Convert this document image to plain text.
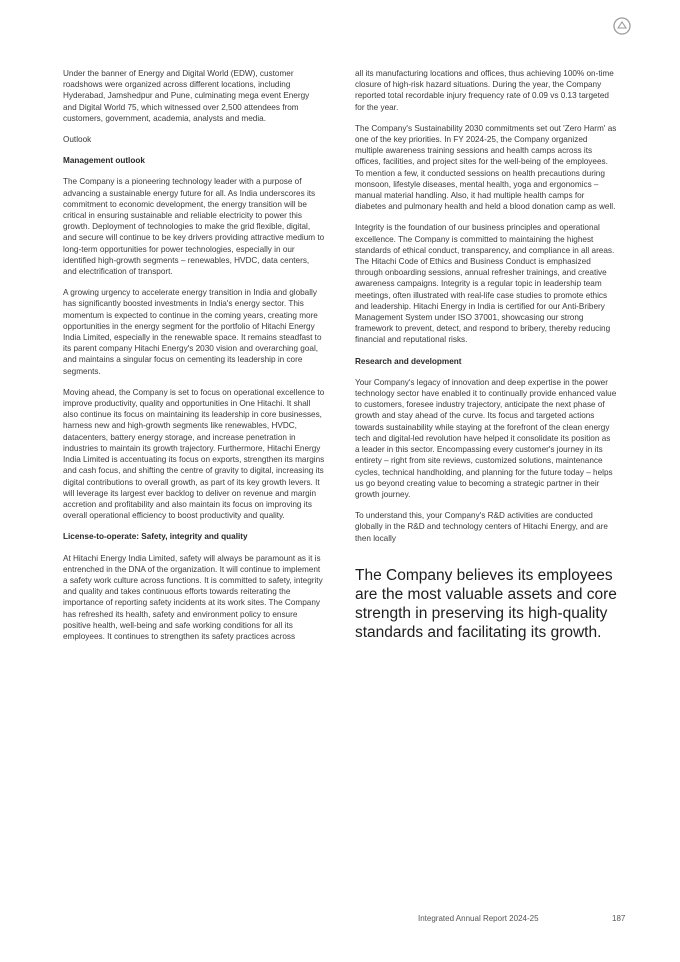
Under the banner of Energy and Digital World (EDW), customer roadshows were organized across different locations, including Hyderabad, Jamshedpur and Pune, culminating mega event Energy and Digital World 75, which witnessed over 2,500 attendees from customers, government, academia, analysts and media.

Outlook

Management outlook

The Company is a pioneering technology leader with a purpose of advancing a sustainable energy future for all. As India underscores its commitment to economic development, the energy transition will be critical in ensuring sustainable and reliable electricity to power this growth. Deployment of technologies to make the grid flexible, digital, and secure will continue to be key drivers providing attractive medium to long-term opportunities for power technologies, especially in our identified high-growth segments – renewables, HVDC, data centers, and electrification of transport.

A growing urgency to accelerate energy transition in India and globally has significantly boosted investments in India's energy sector. This momentum is expected to continue in the coming years, creating more opportunities in the energy segment for the portfolio of Hitachi Energy India Limited, especially in the renewable space. It remains steadfast to its parent company Hitachi Energy's 2030 vision and overarching goal, and maintains a singular focus on cementing its leadership in core segments.

Moving ahead, the Company is set to focus on operational excellence to improve productivity, quality and opportunities in One Hitachi. It shall also continue its focus on maintaining its leadership in core businesses, harness new and high-growth segments like renewables, HVDC, datacenters, battery energy storage, and increase penetration in industries to maintain its growth trajectory. Furthermore, Hitachi Energy India Limited is accentuating its focus on exports, strengthen its margins and cash focus, and shifting the centre of gravity to digital, increasing its digital contributions to overall growth, as part of its key growth levers. It will leverage its largest ever backlog to deliver on revenue and margin accretion and profitability and also maintain its focus on improving its overall operational efficiency to boost productivity and quality.

License-to-operate: Safety, integrity and quality

At Hitachi Energy India Limited, safety will always be paramount as it is entrenched in the DNA of the organization. It will continue to implement a safety work culture across functions. It is committed to safety, integrity and quality and takes continuous efforts towards reiterating the importance of reporting safety incidents at its work sites. The Company has refreshed its health, safety and environment policy to ensure positive health, well-being and safe working conditions for all its employees. It continues to strengthen its safety practices across

all its manufacturing locations and offices, thus achieving 100% on-time closure of high-risk hazard situations. During the year, the Company reported total recordable injury frequency rate of 0.09 vs 0.13 targeted for the year.

The Company's Sustainability 2030 commitments set out 'Zero Harm' as one of the key priorities. In FY 2024-25, the Company organized multiple awareness training sessions and health camps across its offices, facilities, and project sites for the well-being of the employees. To mention a few, it conducted sessions on health precautions during monsoon, lifestyle diseases, mental health, yoga and ergonomics – manual material handling. Also, it had multiple health camps for diabetes and pulmonary health and held a blood donation camp as well.

Integrity is the foundation of our business principles and operational excellence. The Company is committed to maintaining the highest standards of ethical conduct, transparency, and compliance in all areas. The Hitachi Code of Ethics and Business Conduct is emphasized through onboarding sessions, annual refresher trainings, and creative awareness campaigns. Integrity is a regular topic in leadership team meetings, often illustrated with real-life case studies to promote ethics and leadership. Hitachi Energy in India is certified for our Anti-Bribery Management System under ISO 37001, showcasing our strong framework to prevent, detect, and respond to bribery, thereby reducing financial and reputational risks.

Research and development

Your Company's legacy of innovation and deep expertise in the power technology sector have enabled it to continually provide enhanced value to customers, foresee industry trajectory, anticipate the next phase of growth and stay ahead of the curve. Its focus and targeted actions towards sustainability while staying at the forefront of the clean energy tech and digital-led revolution have helped it consolidate its position as a leader in this sector. Encompassing every customer's journey in its entirety – right from site reviews, customized solutions, maintenance cycles, technical handholding, and planning for the future today – helps us go beyond creating value to becoming a strategic partner in their growth journey.

To understand this, your Company's R&D activities are conducted globally in the R&D and technology centers of Hitachi Energy, and are then locally

The Company believes its employees are the most valuable assets and core strength in preserving its high-quality standards and facilitating its growth.
Integrated Annual Report 2024-25	187
